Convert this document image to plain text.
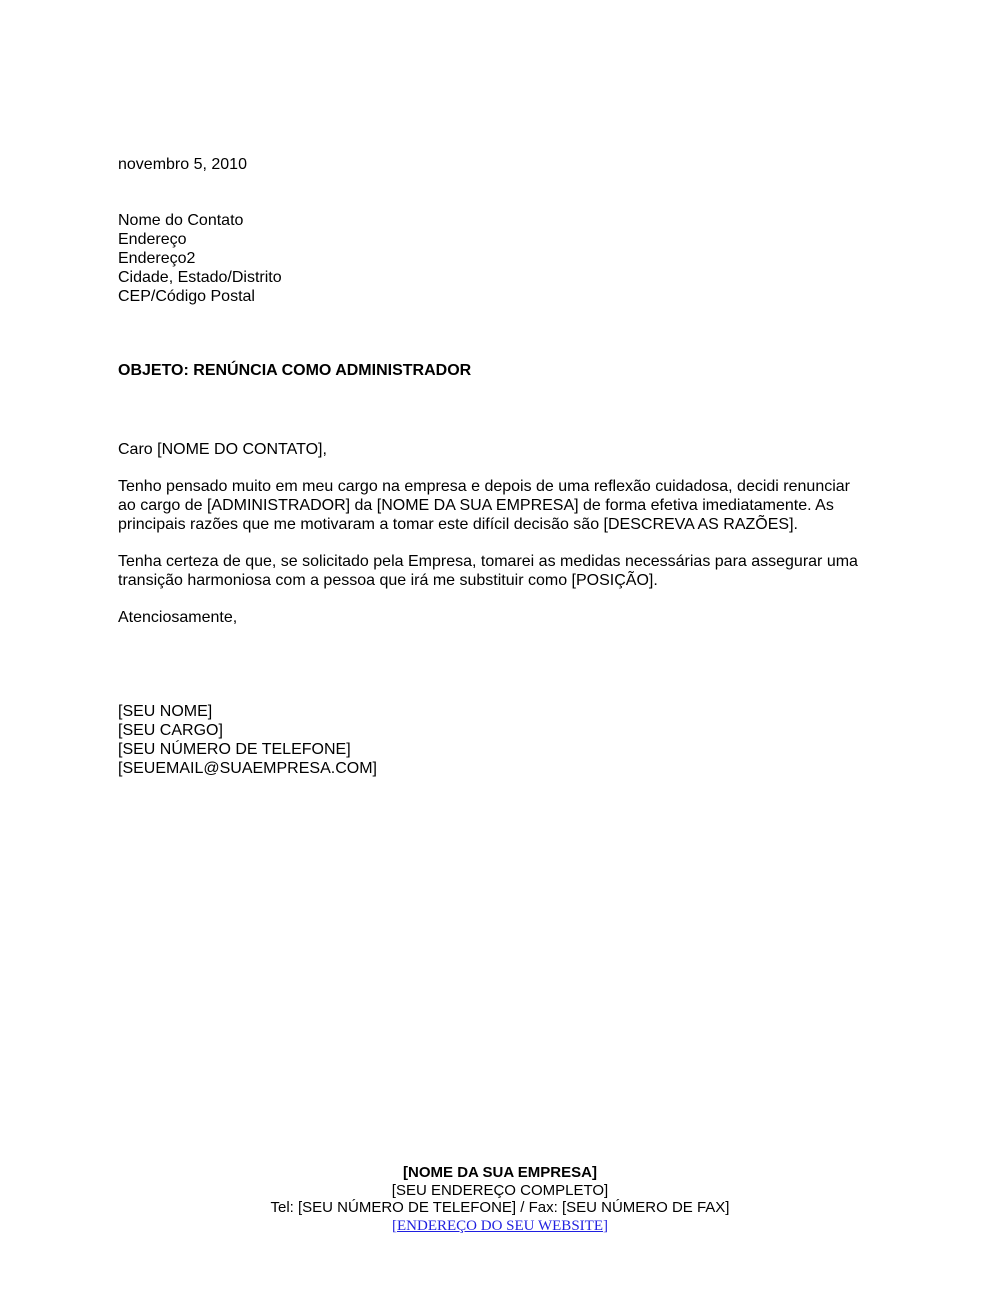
novembro 5, 2010
Nome do Contato
Endereço
Endereço2
Cidade, Estado/Distrito
CEP/Código Postal
OBJETO: RENÚNCIA COMO ADMINISTRADOR
Caro [NOME DO CONTATO],
Tenho pensado muito em meu cargo na empresa e depois de uma reflexão cuidadosa, decidi renunciar
ao cargo de [ADMINISTRADOR] da [NOME DA SUA EMPRESA] de forma efetiva imediatamente. As
principais razões que me motivaram a tomar este difícil decisão são [DESCREVA AS RAZÕES].
Tenha certeza de que, se solicitado pela Empresa, tomarei as medidas necessárias para assegurar uma
transição harmoniosa com a pessoa que irá me substituir como [POSIÇÃO].
Atenciosamente,
[SEU NOME]
[SEU CARGO]
[SEU NÚMERO DE TELEFONE]
[SEUEMAIL@SUAEMPRESA.COM]
[NOME DA SUA EMPRESA]
[SEU ENDEREÇO COMPLETO]
Tel: [SEU NÚMERO DE TELEFONE] / Fax: [SEU NÚMERO DE FAX]
[ENDEREÇO DO SEU WEBSITE]
